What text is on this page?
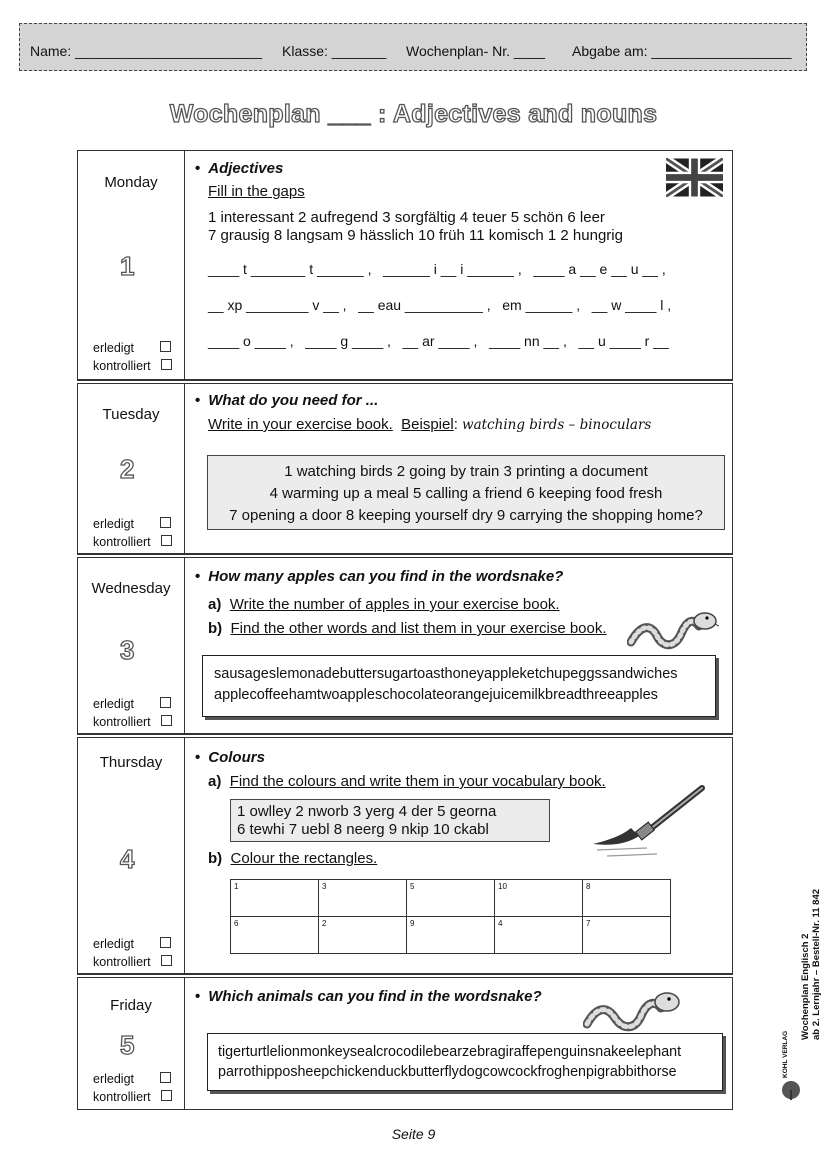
Name: ________________________ Klasse: _______ Wochenplan- Nr. ____ Abgabe am: __________________
Wochenplan ___ : Adjectives and nouns
Monday
1
erledigt
kontrolliert
• Adjectives
Fill in the gaps
1 interessant 2 aufregend 3 sorgfältig 4 teuer 5 schön 6 leer
7 grausig 8 langsam 9 hässlich 10 früh 11 komisch 1 2 hungrig
____ t _______ t ______ ,   ______ i __ i ______ ,   ____ a __ e __ u __ ,
__ xp ________ v __ ,   __ eau __________ ,   em ______ ,   __ w ____ l ,
____ o ____ ,   ____ g ____ ,   __ ar ____ ,   ____ nn __ ,   __ u ____ r __
Tuesday
2
erledigt
kontrolliert
• What do you need for ...
Write in your exercise book. Beispiel: watching birds – binoculars
1 watching birds 2 going by train 3 printing a document
4 warming up a meal 5 calling a friend 6 keeping food fresh
7 opening a door 8 keeping yourself dry 9 carrying the shopping home?
Wednesday
3
erledigt
kontrolliert
• How many apples can you find in the wordsnake?
a) Write the number of apples in your exercise book.
b) Find the other words and list them in your exercise book.
sausageslemonadebuttersugartoasthoneyappleketchupeggssandwiches
applecoffeehamtwoappleschocolateorangejuicemilkbreadthreeapples
Thursday
4
erledigt
kontrolliert
• Colours
a) Find the colours and write them in your vocabulary book.
1 owlley 2 nworb 3 yerg 4 der 5 georna
6 tewhi 7 uebl 8 neerg 9 nkip 10 ckabl
b) Colour the rectangles.
1	3	5	10	8
6	2	9	4	7
Friday
5
erledigt
kontrolliert
• Which animals can you find in the wordsnake?
tigerturtlelionmonkeysealcrocodilebearzebragiraffepenguinsnakeelephant
parrothipposheepchickenduckbutterflydogcowcockfroghenpigrabbithorse
Seite 9
Wochenplan Englisch 2 ab 2. Lernjahr – Bestell-Nr. 11 842
KOHL VERLAG
